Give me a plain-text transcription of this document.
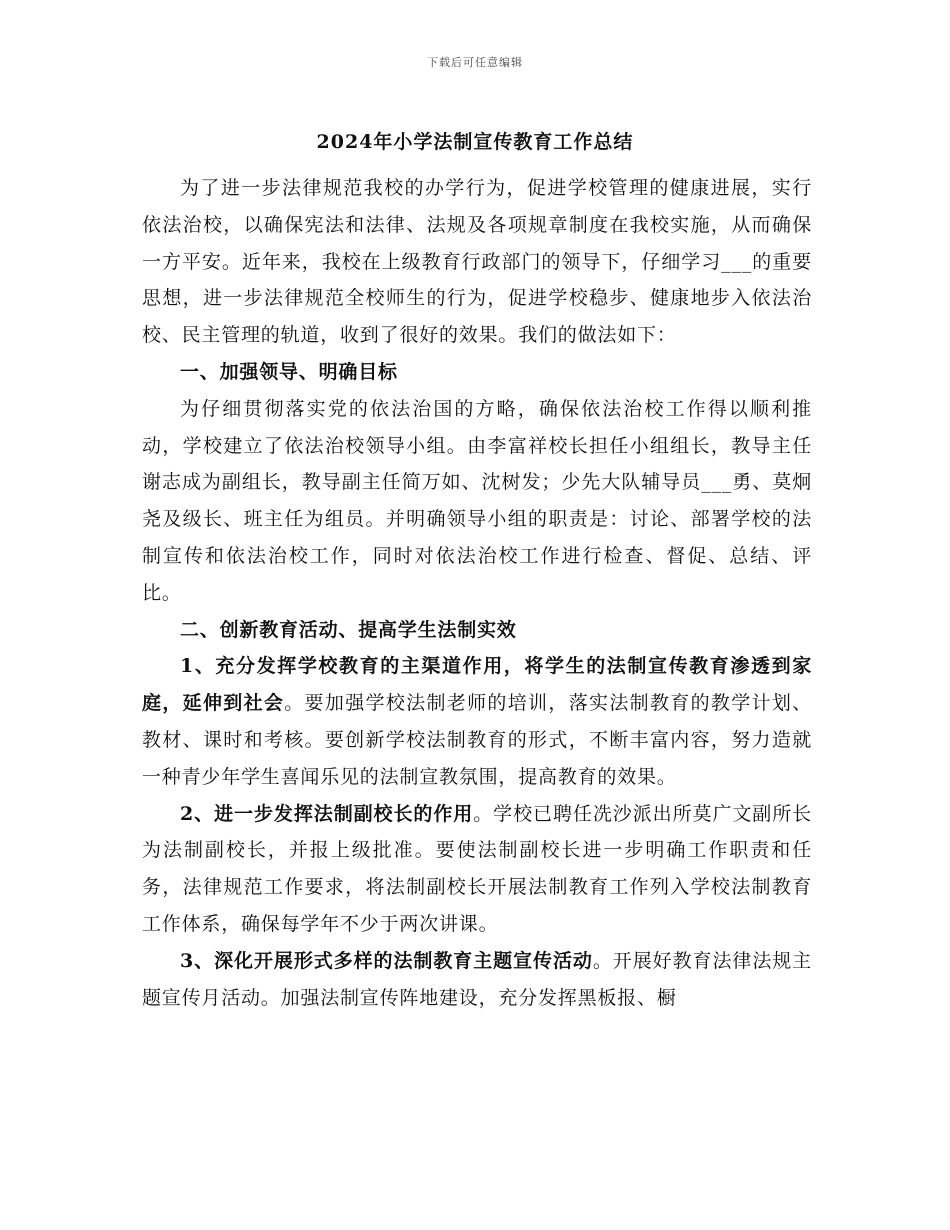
下载后可任意编辑
2024年小学法制宣传教育工作总结

为了进一步法律规范我校的办学行为，促进学校管理的健康进展，实行依法治校，以确保宪法和法律、法规及各项规章制度在我校实施，从而确保一方平安。近年来，我校在上级教育行政部门的领导下，仔细学习___的重要思想，进一步法律规范全校师生的行为，促进学校稳步、健康地步入依法治校、民主管理的轨道，收到了很好的效果。我们的做法如下：

一、加强领导、明确目标

为仔细贯彻落实党的依法治国的方略，确保依法治校工作得以顺利推动，学校建立了依法治校领导小组。由李富祥校长担任小组组长，教导主任谢志成为副组长，教导副主任简万如、沈树发；少先大队辅导员___勇、莫炯尧及级长、班主任为组员。并明确领导小组的职责是：讨论、部署学校的法制宣传和依法治校工作，同时对依法治校工作进行检查、督促、总结、评比。

二、创新教育活动、提高学生法制实效

1、充分发挥学校教育的主渠道作用，将学生的法制宣传教育渗透到家庭，延伸到社会。要加强学校法制老师的培训，落实法制教育的教学计划、教材、课时和考核。要创新学校法制教育的形式，不断丰富内容，努力造就一种青少年学生喜闻乐见的法制宣教氛围，提高教育的效果。

2、进一步发挥法制副校长的作用。学校已聘任冼沙派出所莫广文副所长为法制副校长，并报上级批准。要使法制副校长进一步明确工作职责和任务，法律规范工作要求，将法制副校长开展法制教育工作列入学校法制教育工作体系，确保每学年不少于两次讲课。

3、深化开展形式多样的法制教育主题宣传活动。开展好教育法律法规主题宣传月活动。加强法制宣传阵地建设，充分发挥黑板报、橱
